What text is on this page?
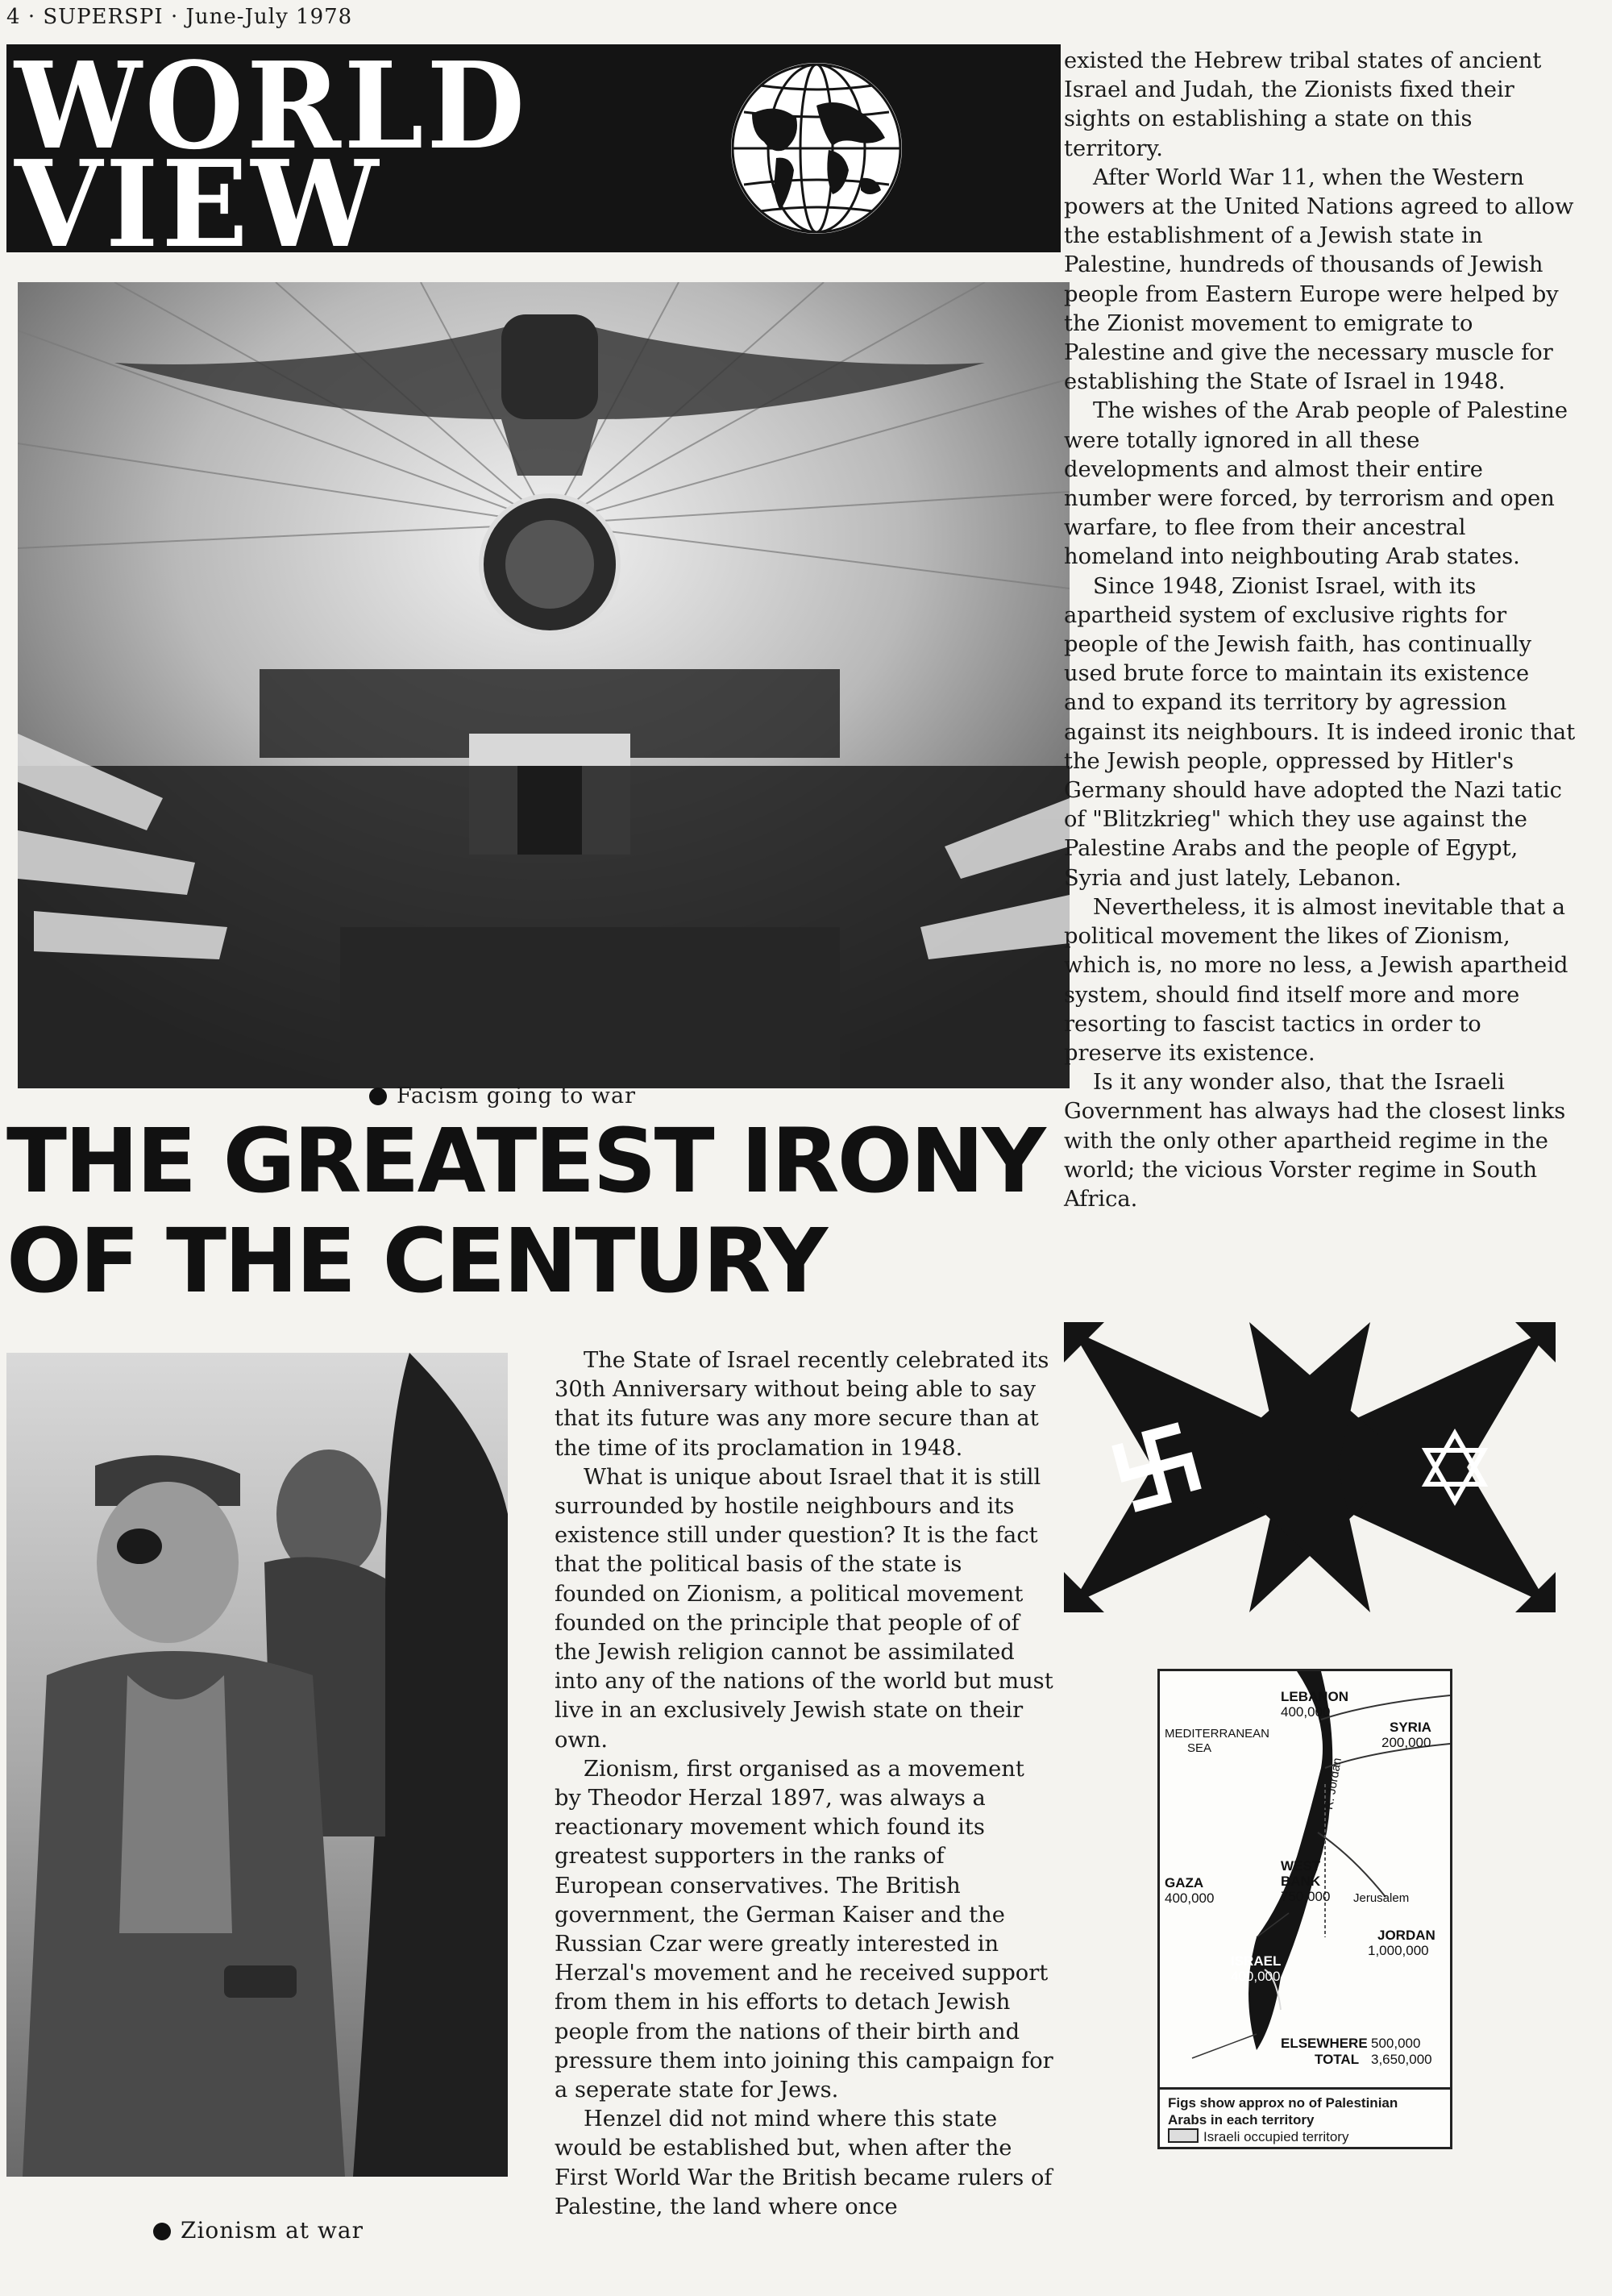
4 · SUPERSPI · June-July 1978
WORLD
VIEW
Facism going to war
THE GREATEST IRONY
OF THE CENTURY
Zionism at war

The State of Israel recently celebrated its 30th Anniversary without being able to say that its future was any more secure than at the time of its proclamation in 1948.

What is unique about Israel that it is still surrounded by hostile neighbours and its existence still under question? It is the fact that the political basis of the state is founded on Zionism, a political movement founded on the principle that people of of the Jewish religion cannot be assimilated into any of the nations of the world but must live in an exclusively Jewish state on their own.

Zionism, first organised as a movement by Theodor Herzal 1897, was always a reactionary movement which found its greatest supporters in the ranks of European conservatives. The British government, the German Kaiser and the Russian Czar were greatly interested in Herzal's movement and he received support from them in his efforts to detach Jewish people from the nations of their birth and pressure them into joining this campaign for a seperate state for Jews.

Henzel did not mind where this state would be established but, when after the First World War the British became rulers of Palestine, the land where once

existed the Hebrew tribal states of ancient Israel and Judah, the Zionists fixed their sights on establishing a state on this territory.

After World War 11, when the Western powers at the United Nations agreed to allow the establishment of a Jewish state in Palestine, hundreds of thousands of Jewish people from Eastern Europe were helped by the Zionist movement to emigrate to Palestine and give the necessary muscle for establishing the State of Israel in 1948.

The wishes of the Arab people of Palestine were totally ignored in all these developments and almost their entire number were forced, by terrorism and open warfare, to flee from their ancestral homeland into neighbouting Arab states.

Since 1948, Zionist Israel, with its apartheid system of exclusive rights for people of the Jewish faith, has continually used brute force to maintain its existence and to expand its territory by agression against its neighbours. It is indeed ironic that the Jewish people, oppressed by Hitler's Germany should have adopted the Nazi tatic of "Blitzkrieg" which they use against the Palestine Arabs and the people of Egypt, Syria and just lately, Lebanon.

Nevertheless, it is almost inevitable that a political movement the likes of Zionism, which is, no more no less, a Jewish apartheid system, should find itself more and more resorting to fascist tactics in order to preserve its existence.

Is it any wonder also, that the Israeli Government has always had the closest links with the only other apartheid regime in the world; the vicious Vorster regime in South Africa.

LEBANON
400,000
MEDITERRANEAN
SEA
SYRIA
200,000
R. Jordan
WEST
BANK
750,000
GAZA
400,000	Jerusalem
JORDAN
1,000,000
ISRAEL
400,000
ELSEWHERE 500,000
TOTAL 3,650,000
Figs show approx no of Palestinian
Arabs in each territory
Israeli occupied territory
